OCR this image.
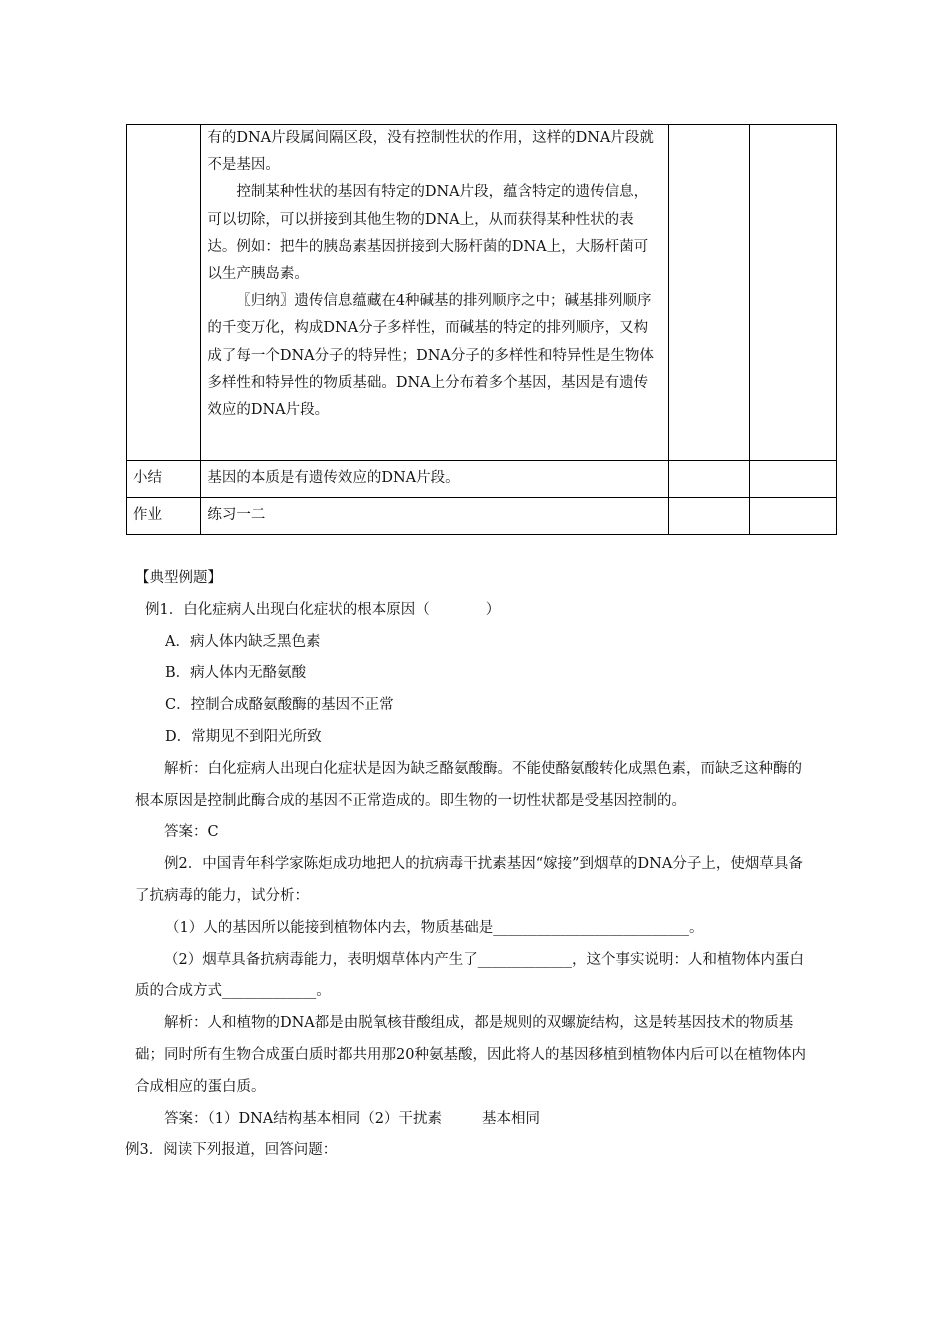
	有的DNA片段属间隔区段，没有控制性状的作用，这样的DNA片段就不是基因。

控制某种性状的基因有特定的DNA片段，蕴含特定的遗传信息，可以切除，可以拼接到其他生物的DNA上，从而获得某种性状的表达。例如：把牛的胰岛素基因拼接到大肠杆菌的DNA上，大肠杆菌可以生产胰岛素。

〖归纳〗遗传信息蕴藏在4种碱基的排列顺序之中；碱基排列顺序的千变万化，构成DNA分子多样性，而碱基的特定的排列顺序，又构成了每一个DNA分子的特异性；DNA分子的多样性和特异性是生物体多样性和特异性的物质基础。DNA上分布着多个基因，基因是有遗传效应的DNA片段。		

小结	基因的本质是有遗传效应的DNA片段。		

作业	练习一二		

【典型例题】

例1．白化症病人出现白化症状的根本原因（	）

A．病人体内缺乏黑色素

B．病人体内无酪氨酸

C．控制合成酪氨酸酶的基因不正常

D．常期见不到阳光所致

解析：白化症病人出现白化症状是因为缺乏酪氨酸酶。不能使酪氨酸转化成黑色素，而缺乏这种酶的根本原因是控制此酶合成的基因不正常造成的。即生物的一切性状都是受基因控制的。

答案：C

例2．中国青年科学家陈炬成功地把人的抗病毒干扰素基因“嫁接”到烟草的DNA分子上，使烟草具备了抗病毒的能力，试分析：

（1）人的基因所以能接到植物体内去，物质基础是___________________________。

（2）烟草具备抗病毒能力，表明烟草体内产生了_____________，这个事实说明：人和植物体内蛋白质的合成方式_____________。

解析：人和植物的DNA都是由脱氧核苷酸组成，都是规则的双螺旋结构，这是转基因技术的物质基础；同时所有生物合成蛋白质时都共用那20种氨基酸，因此将人的基因移植到植物体内后可以在植物体内合成相应的蛋白质。

答案：（1）DNA结构基本相同（2）干扰素	基本相同

例3．阅读下列报道，回答问题：
